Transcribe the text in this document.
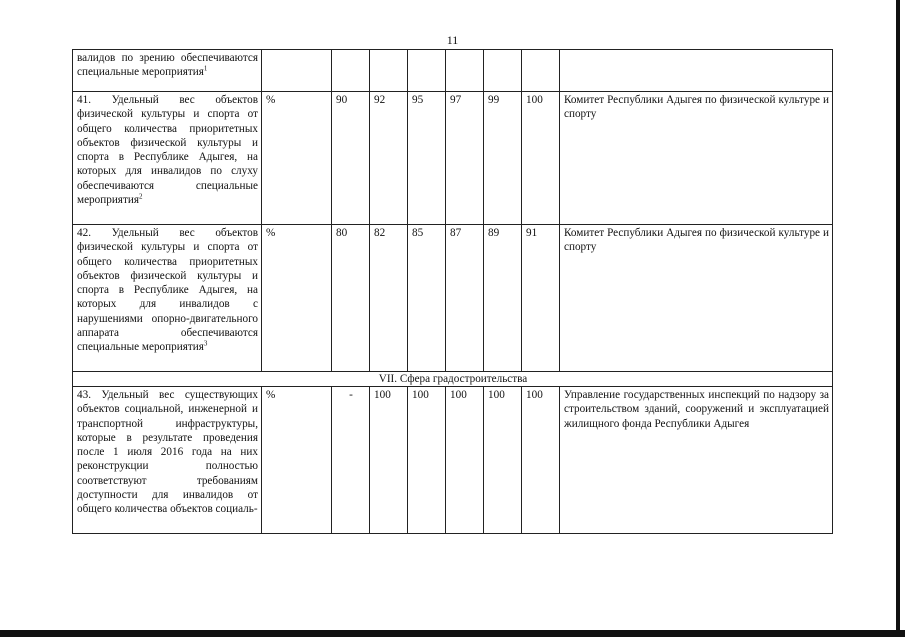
11
валидов по зрению обеспечиваются специальные мероприятия$^1$								
41. Удельный вес объектов физической культуры и спорта от общего количества приоритетных объектов физической культуры и спорта в Республике Адыгея, на которых для инвалидов по слуху обеспечиваются специальные мероприятия$^2$	%	90	92	95	97	99	100	Комитет Республики Адыгея по физической культуре и спорту
42. Удельный вес объектов физической культуры и спорта от общего количества приоритетных объектов физической культуры и спорта в Республике Адыгея, на которых для инвалидов с нарушениями опорно-двигательного аппарата обеспечиваются специальные мероприятия$^3$	%	80	82	85	87	89	91	Комитет Республики Адыгея по физической культуре и спорту
VII. Сфера градостроительства								
43. Удельный вес существующих объектов социальной, инженерной и транспортной инфраструктуры, которые в результате проведения после 1 июля 2016 года на них реконструкции полностью соответствуют требованиям доступности для инвалидов от общего количества объектов социаль-	%	-	100	100	100	100	100	Управление государственных инспекций по надзору за строительством зданий, сооружений и эксплуатацией жилищного фонда Республики Адыгея
